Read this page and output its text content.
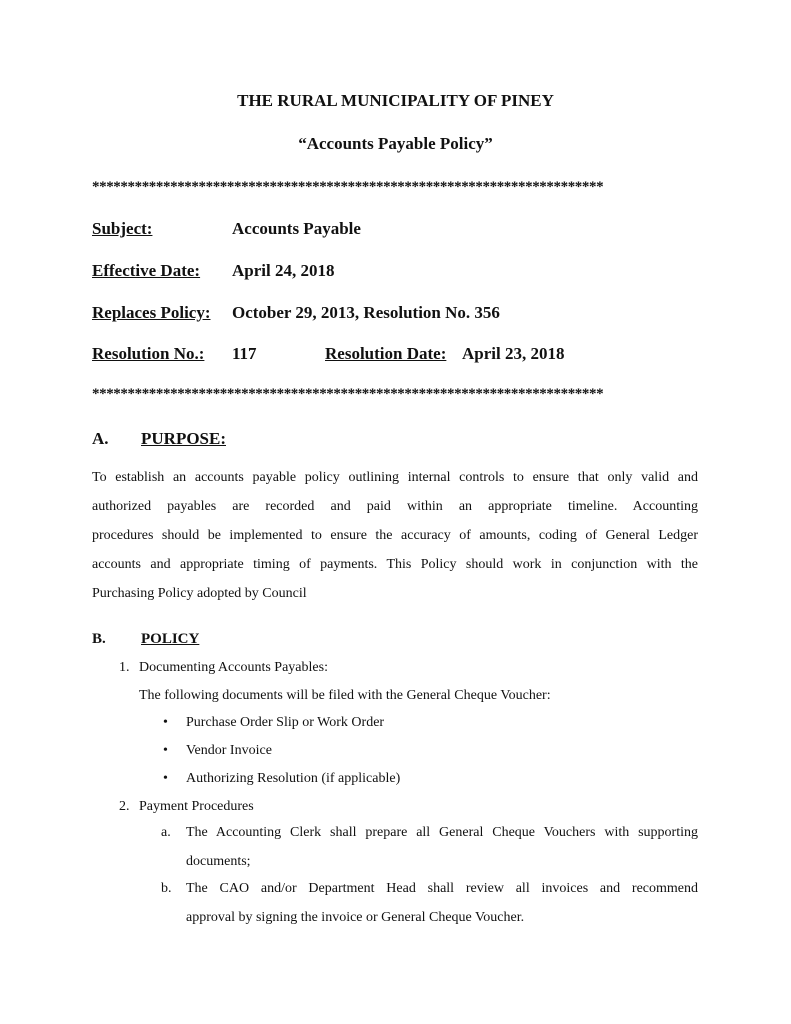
THE RURAL MUNICIPALITY OF PINEY
“Accounts Payable Policy”
************************************************************************
Subject:	Accounts Payable
Effective Date: April 24, 2018
Replaces Policy: October 29, 2013, Resolution No. 356
Resolution No.: 117	Resolution Date: April 23, 2018
************************************************************************
A. PURPOSE:
To establish an accounts payable policy outlining internal controls to ensure that only valid and
authorized payables are recorded and paid within an appropriate timeline. Accounting
procedures should be implemented to ensure the accuracy of amounts, coding of General Ledger
accounts and appropriate timing of payments. This Policy should work in conjunction with the
Purchasing Policy adopted by Council
B. POLICY
1. Documenting Accounts Payables:
The following documents will be filed with the General Cheque Voucher:
• Purchase Order Slip or Work Order
• Vendor Invoice
• Authorizing Resolution (if applicable)
2. Payment Procedures
a. The Accounting Clerk shall prepare all General Cheque Vouchers with supporting
documents;
b. The CAO and/or Department Head shall review all invoices and recommend
approval by signing the invoice or General Cheque Voucher.
